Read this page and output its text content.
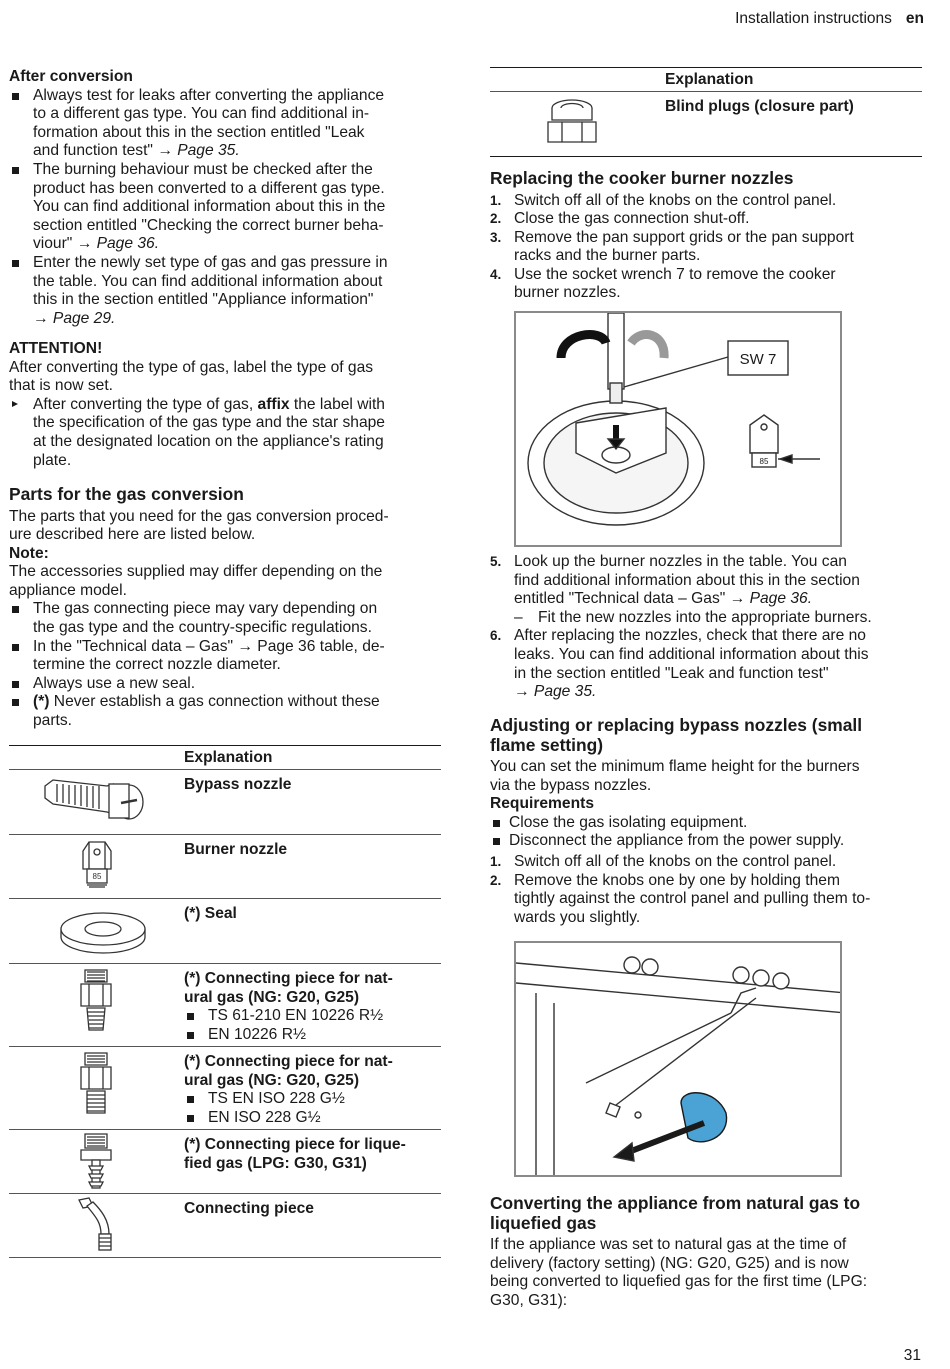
Installation instructions en
After conversion
Always test for leaks after converting the appliance
to a different gas type. You can find additional in-
formation about this in the section entitled "Leak
and function test" → Page 35.
The burning behaviour must be checked after the
product has been converted to a different gas type.
You can find additional information about this in the
section entitled "Checking the correct burner beha-
viour" → Page 36.
Enter the newly set type of gas and gas pressure in
the table. You can find additional information about
this in the section entitled "Appliance information"
→ Page 29.
ATTENTION!
After converting the type of gas, label the type of gas
that is now set.
After converting the type of gas, affix the label with
the specification of the gas type and the star shape
at the designated location on the appliance's rating
plate.
Parts for the gas conversion
The parts that you need for the gas conversion proced-
ure described here are listed below.
Note:
The accessories supplied may differ depending on the
appliance model.
The gas connecting piece may vary depending on
the gas type and the country-specific regulations.
In the "Technical data – Gas" → Page 36 table, de-
termine the correct nozzle diameter.
Always use a new seal.
(*) Never establish a gas connection without these
parts.
Explanation
Bypass nozzle
85
Burner nozzle
(*) Seal
(*) Connecting piece for nat-
ural gas (NG: G20, G25)
TS 61-210 EN 10226 R½
EN 10226 R½
(*) Connecting piece for nat-
ural gas (NG: G20, G25)
TS EN ISO 228 G½
EN ISO 228 G½
(*) Connecting piece for lique-
fied gas (LPG: G30, G31)
Connecting piece
Explanation
Blind plugs (closure part)
Replacing the cooker burner nozzles
1. Switch off all of the knobs on the control panel.
2. Close the gas connection shut-off.
3. Remove the pan support grids or the pan support
racks and the burner parts.
4. Use the socket wrench 7 to remove the cooker
burner nozzles.
SW 7
85
5. Look up the burner nozzles in the table. You can
find additional information about this in the section
entitled "Technical data – Gas" → Page 36.
– Fit the new nozzles into the appropriate burners.
6. After replacing the nozzles, check that there are no
leaks. You can find additional information about this
in the section entitled "Leak and function test"
→ Page 35.
Adjusting or replacing bypass nozzles (small
flame setting)
You can set the minimum flame height for the burners
via the bypass nozzles.
Requirements
Close the gas isolating equipment.
Disconnect the appliance from the power supply.
1. Switch off all of the knobs on the control panel.
2. Remove the knobs one by one by holding them
tightly against the control panel and pulling them to-
wards you slightly.
Converting the appliance from natural gas to
liquefied gas
If the appliance was set to natural gas at the time of
delivery (factory setting) (NG: G20, G25) and is now
being converted to liquefied gas for the first time (LPG:
G30, G31):
31
